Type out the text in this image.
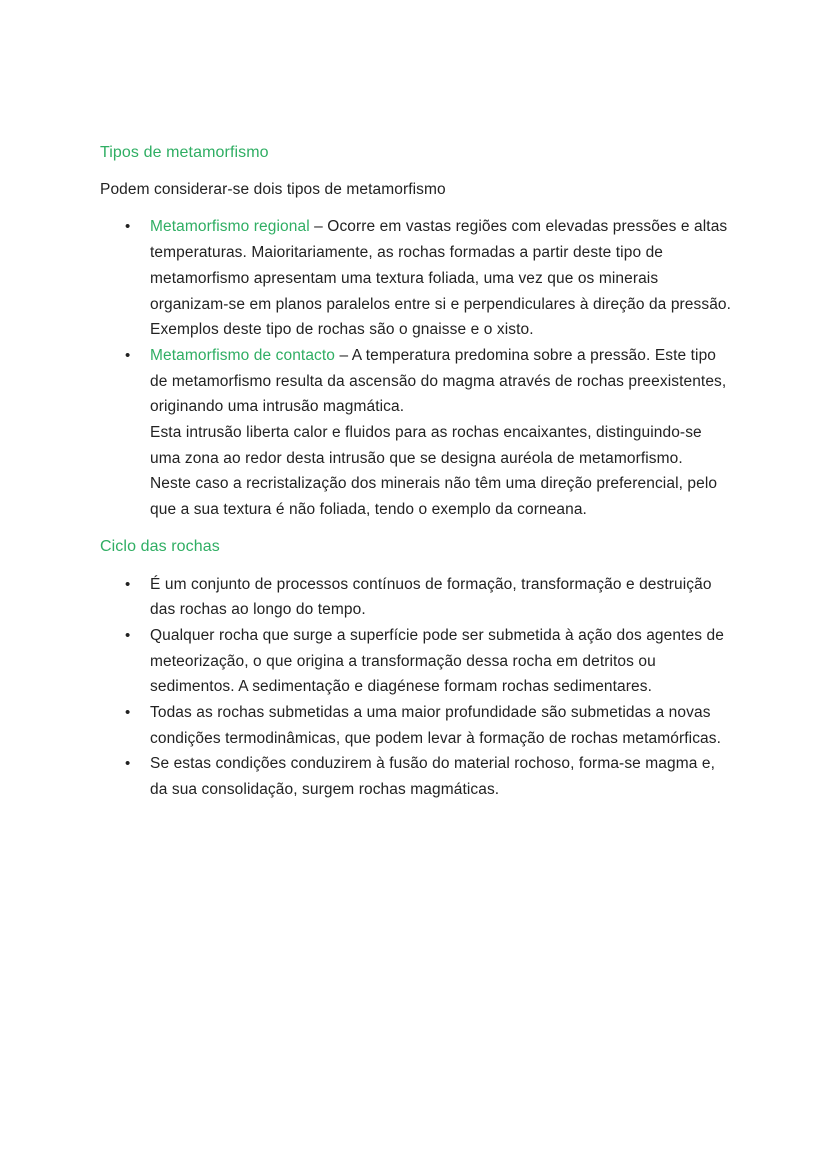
Tipos de metamorfismo

Podem considerar-se dois tipos de metamorfismo

• Metamorfismo regional – Ocorre em vastas regiões com elevadas pressões e altas temperaturas. Maioritariamente, as rochas formadas a partir deste tipo de metamorfismo apresentam uma textura foliada, uma vez que os minerais organizam-se em planos paralelos entre si e perpendiculares à direção da pressão.
Exemplos deste tipo de rochas são o gnaisse e o xisto.
• Metamorfismo de contacto – A temperatura predomina sobre a pressão. Este tipo de metamorfismo resulta da ascensão do magma através de rochas preexistentes, originando uma intrusão magmática.
Esta intrusão liberta calor e fluidos para as rochas encaixantes, distinguindo-se uma zona ao redor desta intrusão que se designa auréola de metamorfismo.
Neste caso a recristalização dos minerais não têm uma direção preferencial, pelo que a sua textura é não foliada, tendo o exemplo da corneana.
Ciclo das rochas
• É um conjunto de processos contínuos de formação, transformação e destruição das rochas ao longo do tempo.
• Qualquer rocha que surge a superfície pode ser submetida à ação dos agentes de meteorização, o que origina a transformação dessa rocha em detritos ou sedimentos. A sedimentação e diagénese formam rochas sedimentares.
• Todas as rochas submetidas a uma maior profundidade são submetidas a novas condições termodinâmicas, que podem levar à formação de rochas metamórficas.
• Se estas condições conduzirem à fusão do material rochoso, forma-se magma e, da sua consolidação, surgem rochas magmáticas.
